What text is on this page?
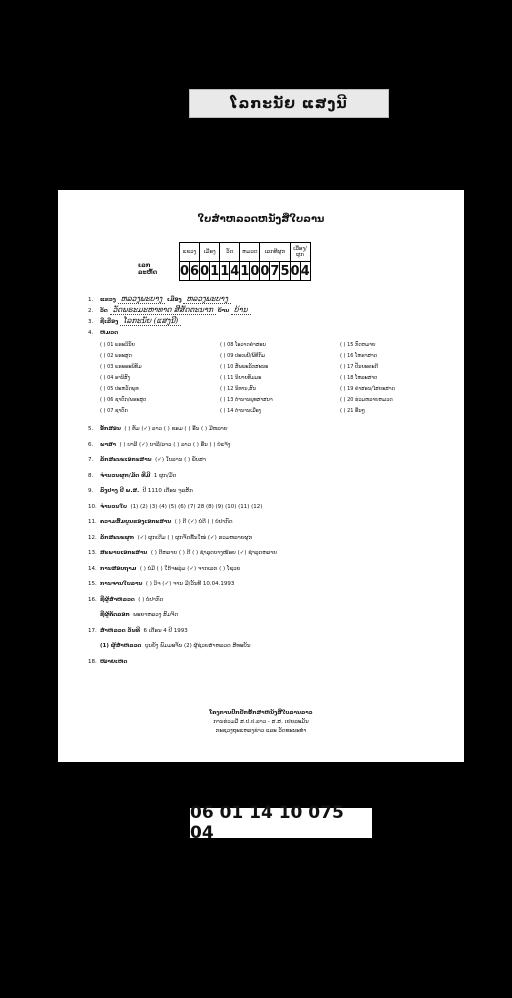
ໂລກະນັຍ ແສງນີ
ໃບສຳຫລວດຫນັງສືໃບລານ
ເລກລະຫັດ
ແຂວງ		ເມືອງ		ວັດ		ຫມວດ		ເລກທີຜູກ			ເລື່ອງ/ຜູກ	
0	6	0	1	1	4	1	0	0	7	5	0	4
1. ແຂວງ ຫລວງພະບາງ ເມືອງ ຫລວງພະບາງ
2. ວັດ ວັດພຣະມະຫາທາດ ສີສັດຕະນາກ ບ້ານ ບ້ານ
3. ຊື່ເລື່ອງ ໂລກະນັຍ (ແສງນີ)
4. ຫມວດ
( ) 01 ພຣະວິນັຍ
( ) 02 ພຣະສູດ
( ) 03 ພຣະອະພິທັມ
( ) 04 ອານິສົງ
( ) 05 ປະຫວັດພຸທ
( ) 06 ຊາດົກ/ພຣະສູດ
( ) 07 ຊາດົກ
( ) 08 ໂອວາດຄຳສອນ
( ) 09 ປະເພນີ/ພິທີກັມ
( ) 10 ສັພພະລັກສະນະ
( ) 11 ນິຍາຍທັມມະ
( ) 12 ນິທານ,ສົນ
( ) 13 ຕຳນານພຸທສາສນາ
( ) 14 ຕຳນານເມືອງ
( ) 15 ກົດຫມາຍ
( ) 16 ໂຫຣາສາດ
( ) 17 ປັນຍະຄະດີ
( ) 18 ໂຫລະສາດ
( ) 19 ຄຳສອນ/ໄສຍະສາດ
( ) 20 ຮ່ວມຫລາຍຫມວດ
( ) 21 ອື່ນໆ
5. ອັກສອນ ( ) ທັມ (✓) ລາວ ( ) ຂອມ ( ) ອື່ນ ( ) ມີຫລາຍ
6. ພາສາ ( ) ບາລີ (✓) ບາລີ/ລາວ ( ) ລາວ ( ) ອື່ນ ( ) ບໍ່ແຈ້ງ
7. ລັກສະນະເອກະສານ (✓) ໃບລານ ( ) ພັບສາ
8. ຈຳນວນຜູກ/ມັດ ທີ່ມີ 1 ຜູກ/ມັດ
9. ລົງປາງ ປີ ພ.ສ. ປີ 1110 ເດືອນ ຈຸລສັກ
10. ຈຳນວນໃບ (1) (2) (3) (4) (5) (6) (7) 28 (8) (9) (10) (11) (12)
11. ຄວາມສົມບູນຂອງເອກະສານ ( ) ດີ (✓) ບໍ່ດີ ( ) ບໍ່ປາກົດ
12. ລັກສະນະຜູກ (✓) ຜູກເດີມ ( ) ຜູກຈັດຂື້ນໃໝ່ (✓) ຮວມຫລາຍຜູກ
13. ສະພາບເອກະສານ ( ) ດີຫລາຍ ( ) ດີ ( ) ຊຳລຸດບາງໜ້ອຍ (✓) ຊຳລຸດຫລາຍ
14. ການສອບຖາມ ( ) ບໍ່ມີ ( ) ໃກ້ຈະລຸ່ມ (✓) ຈາກເລກ ( ) ໂຊວຍ
15. ການຈານໃບລານ ( ) ວິຈ (✓) ຈານ ມີ/ວັນທີ 10.04.1993
16. ຊື່ຜູ້ສຳຫລວດ ( ) ບໍ່ປາກົດ
ຊື່ຜູ້ຄັດລອກ ພະຍາຫລວງ ສົມຈິດ
17. ສຳຫລວດ ວັນທີ 6 ເດືອນ 4 ປີ 1993
(1) ຜູ້ສຳຫລວດ ບຸນຍັງ ພົມມະຈັນ (2) ຜູ້ຊ່ວຍສຳຫລວດ ສີທະບັນ
18. ໝາຍເຫດ
ໂຄງການປົກປັກຮັກສາຫນັງສືໃບລານລາວ
ການຮ່ວມມື ສ.ປ.ປ.ລາວ - ສ.ສ. ເຢຍລະມັນ
ກະຊວງຖະແຫລງຂ່າວ ແລະ ວັດທະນະທຳ
06 01 14 10 075 04
